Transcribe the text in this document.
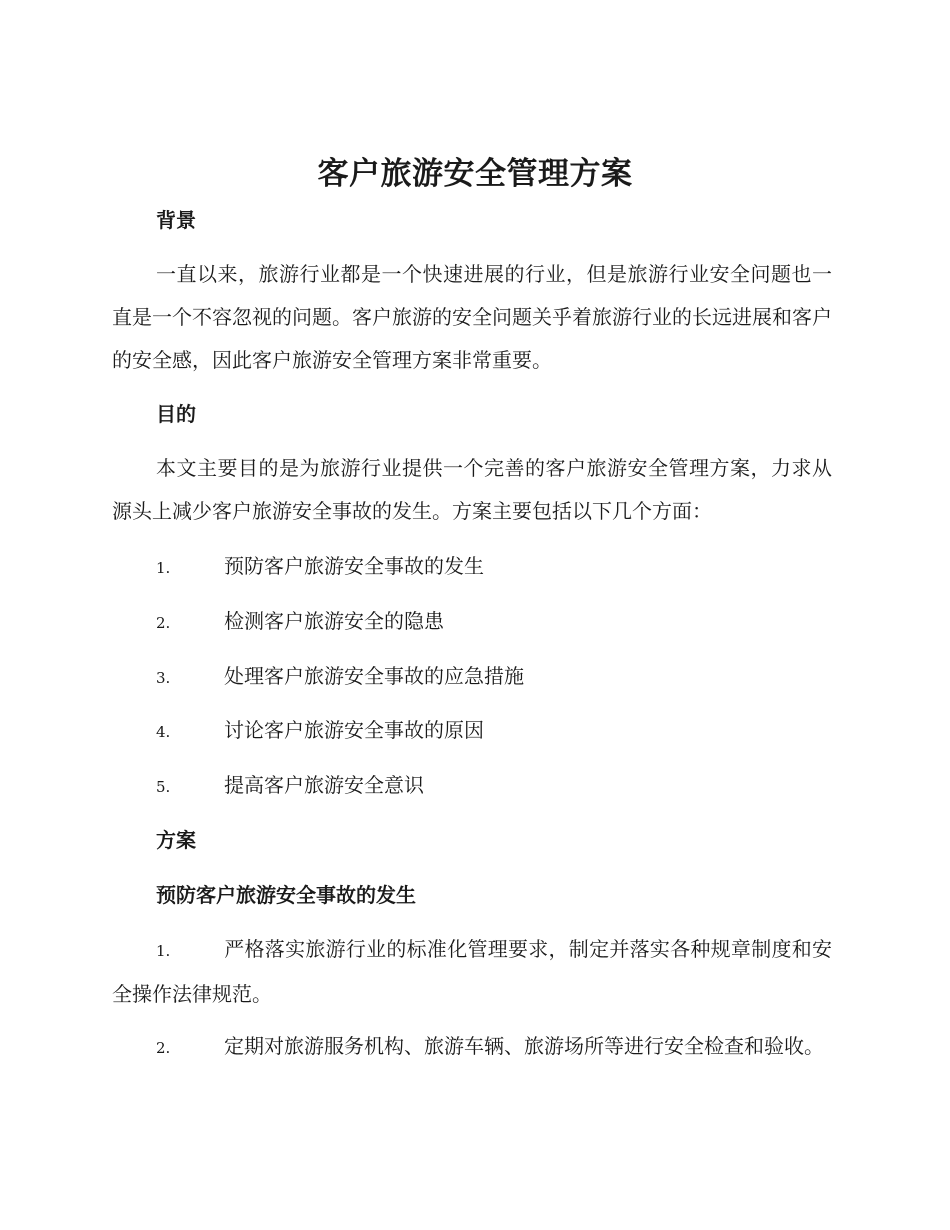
客户旅游安全管理方案
背景

一直以来，旅游行业都是一个快速进展的行业，但是旅游行业安全问题也一直是一个不容忽视的问题。客户旅游的安全问题关乎着旅游行业的长远进展和客户的安全感，因此客户旅游安全管理方案非常重要。

目的

本文主要目的是为旅游行业提供一个完善的客户旅游安全管理方案，力求从源头上减少客户旅游安全事故的发生。方案主要包括以下几个方面：

1.	预防客户旅游安全事故的发生
2.	检测客户旅游安全的隐患
3.	处理客户旅游安全事故的应急措施
4.	讨论客户旅游安全事故的原因
5.	提高客户旅游安全意识
方案
预防客户旅游安全事故的发生

1.	严格落实旅游行业的标准化管理要求，制定并落实各种规章制度和安全操作法律规范。

2.	定期对旅游服务机构、旅游车辆、旅游场所等进行安全检查和验收。
